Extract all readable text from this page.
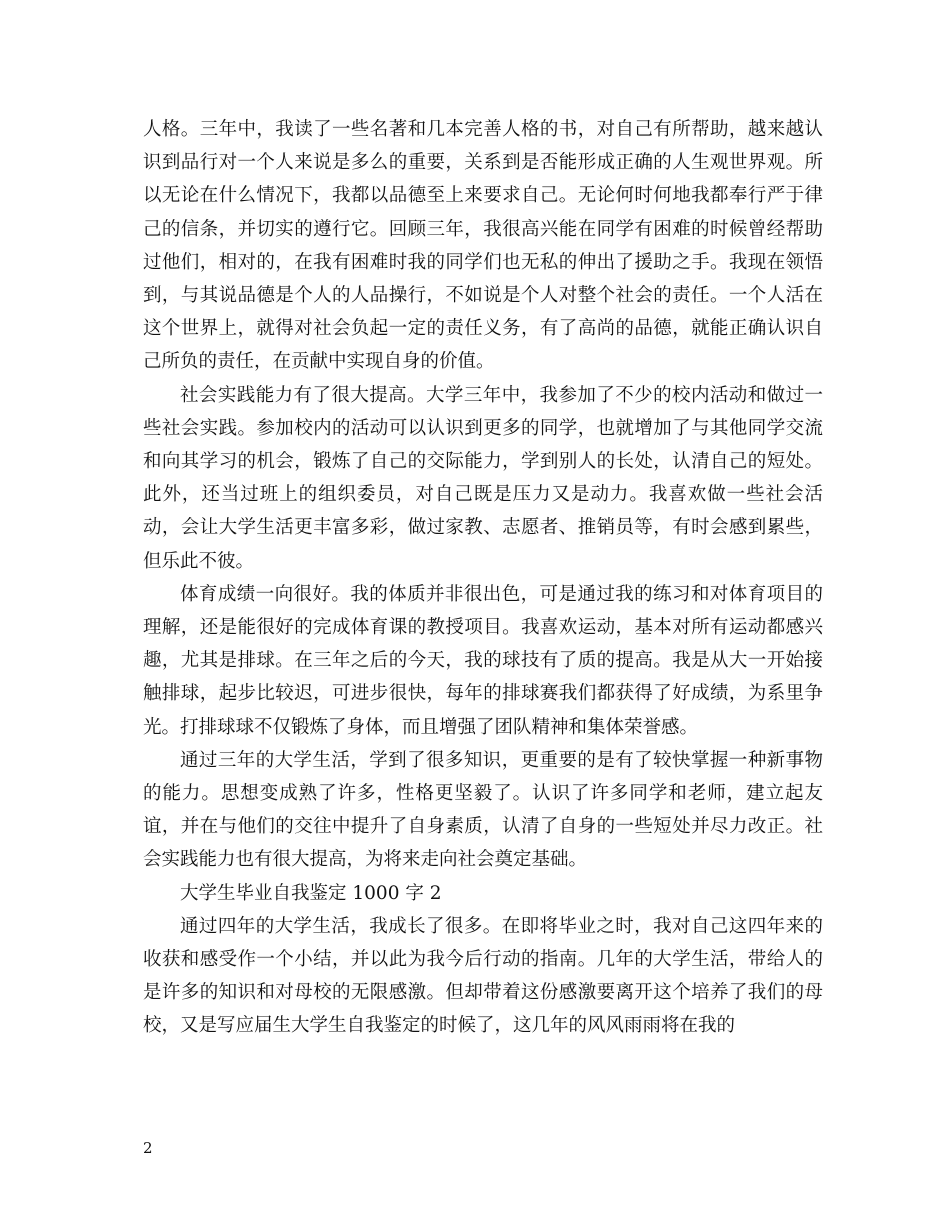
人格。三年中，我读了一些名著和几本完善人格的书，对自己有所帮助，越来越认识到品行对一个人来说是多么的重要，关系到是否能形成正确的人生观世界观。所以无论在什么情况下，我都以品德至上来要求自己。无论何时何地我都奉行严于律己的信条，并切实的遵行它。回顾三年，我很高兴能在同学有困难的时候曾经帮助过他们，相对的，在我有困难时我的同学们也无私的伸出了援助之手。我现在领悟到，与其说品德是个人的人品操行，不如说是个人对整个社会的责任。一个人活在这个世界上，就得对社会负起一定的责任义务，有了高尚的品德，就能正确认识自己所负的责任，在贡献中实现自身的价值。

社会实践能力有了很大提高。大学三年中，我参加了不少的校内活动和做过一些社会实践。参加校内的活动可以认识到更多的同学，也就增加了与其他同学交流和向其学习的机会，锻炼了自己的交际能力，学到别人的长处，认清自己的短处。此外，还当过班上的组织委员，对自己既是压力又是动力。我喜欢做一些社会活动，会让大学生活更丰富多彩，做过家教、志愿者、推销员等，有时会感到累些，但乐此不彼。

体育成绩一向很好。我的体质并非很出色，可是通过我的练习和对体育项目的理解，还是能很好的完成体育课的教授项目。我喜欢运动，基本对所有运动都感兴趣，尤其是排球。在三年之后的今天，我的球技有了质的提高。我是从大一开始接触排球，起步比较迟，可进步很快，每年的排球赛我们都获得了好成绩，为系里争光。打排球球不仅锻炼了身体，而且增强了团队精神和集体荣誉感。

通过三年的大学生活，学到了很多知识，更重要的是有了较快掌握一种新事物的能力。思想变成熟了许多，性格更坚毅了。认识了许多同学和老师，建立起友谊，并在与他们的交往中提升了自身素质，认清了自身的一些短处并尽力改正。社会实践能力也有很大提高，为将来走向社会奠定基础。

大学生毕业自我鉴定 1000 字 2

通过四年的大学生活，我成长了很多。在即将毕业之时，我对自己这四年来的收获和感受作一个小结，并以此为我今后行动的指南。几年的大学生活，带给人的是许多的知识和对母校的无限感激。但却带着这份感激要离开这个培养了我们的母校，又是写应届生大学生自我鉴定的时候了，这几年的风风雨雨将在我的

2
